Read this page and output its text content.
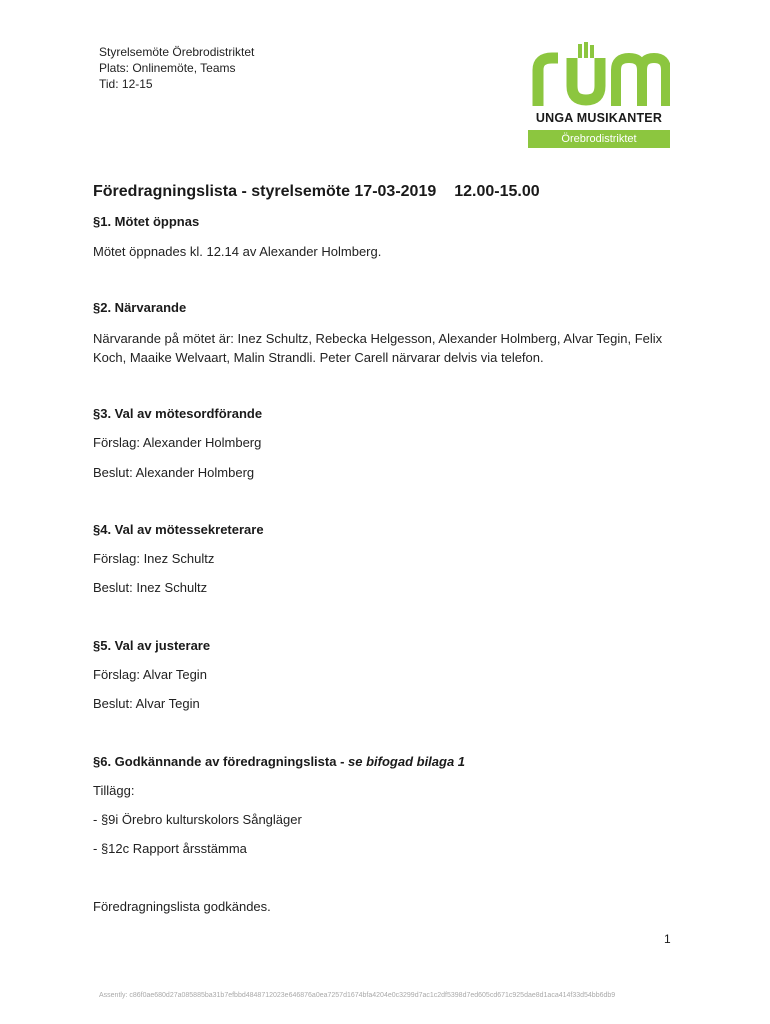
Styrelsemöte Örebrodistriktet
Plats: Onlinemöte, Teams
Tid: 12-15
UNGA MUSIKANTER
Örebrodistriktet
Föredragningslista - styrelsemöte 17-03-2019 12.00-15.00
§1. Mötet öppnas
Mötet öppnades kl. 12.14 av Alexander Holmberg.
§2. Närvarande
Närvarande på mötet är: Inez Schultz, Rebecka Helgesson, Alexander Holmberg, Alvar Tegin, Felix Koch, Maaike Welvaart, Malin Strandli. Peter Carell närvarar delvis via telefon.
§3. Val av mötesordförande
Förslag: Alexander Holmberg
Beslut: Alexander Holmberg
§4. Val av mötessekreterare
Förslag: Inez Schultz
Beslut: Inez Schultz
§5. Val av justerare
Förslag: Alvar Tegin
Beslut: Alvar Tegin
§6. Godkännande av föredragningslista - se bifogad bilaga 1
Tillägg:
- §9i Örebro kulturskolors Sångläger
- §12c Rapport årsstämma
Föredragningslista godkändes.
1
Assently: c86f0ae680d27a085885ba31b7efbbd4848712023e646876a0ea7257d1674bfa4204e0c3299d7ac1c2df5398d7ed605cd671c925dae8d1aca414f33d54bb6db9
